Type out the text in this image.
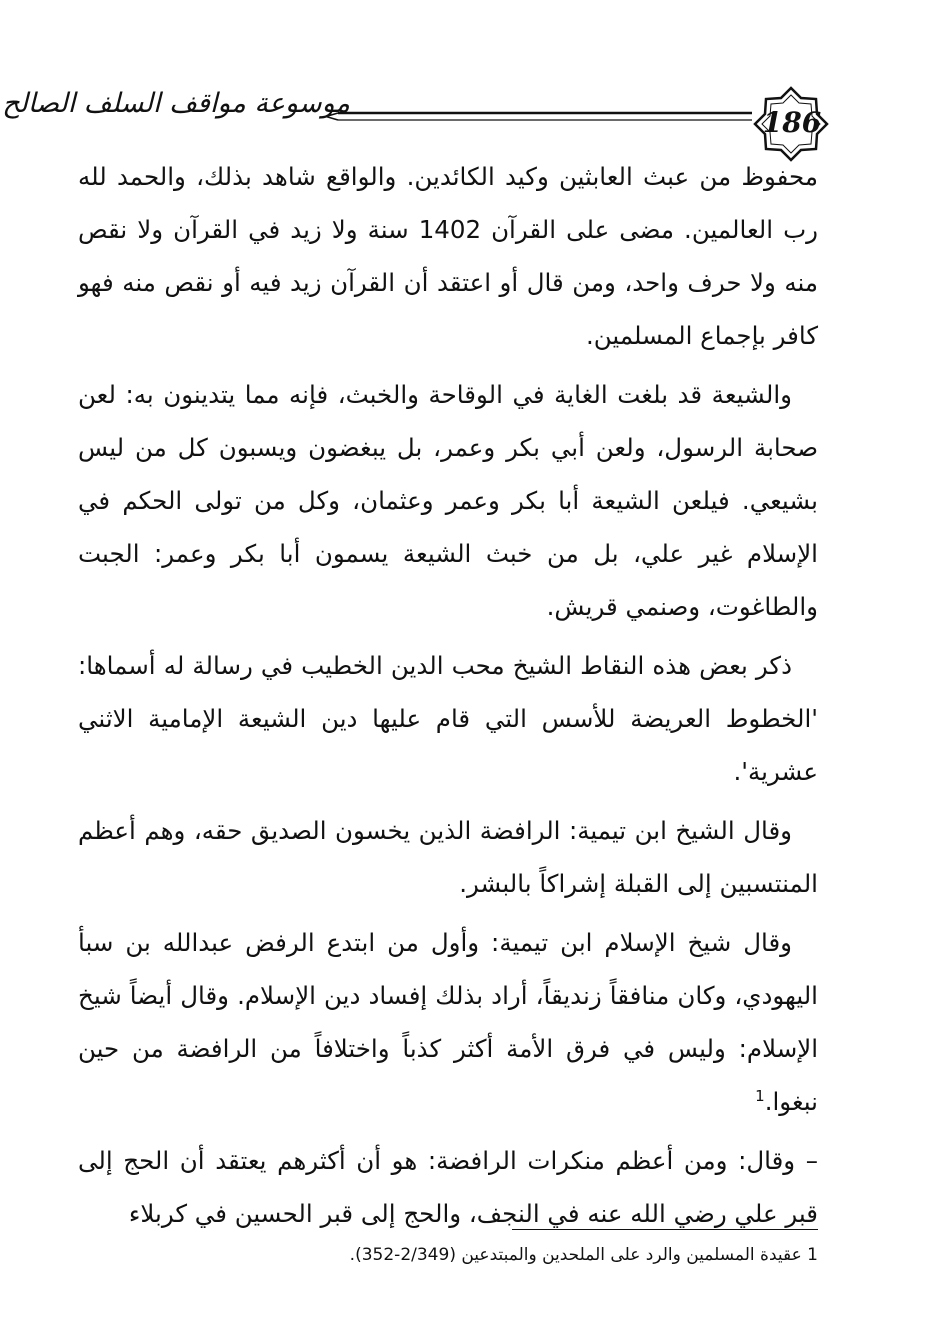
موسوعة مواقف السلف الصالح
186

محفوظ من عبث العابثين وكيد الكائدين. والواقع شاهد بذلك، والحمد لله رب العالمين. مضى على القرآن 1402 سنة ولا زيد في القرآن ولا نقص منه ولا حرف واحد، ومن قال أو اعتقد أن القرآن زيد فيه أو نقص منه فهو كافر بإجماع المسلمين.

والشيعة قد بلغت الغاية في الوقاحة والخبث، فإنه مما يتدينون به: لعن صحابة الرسول، ولعن أبي بكر وعمر، بل يبغضون ويسبون كل من ليس بشيعي. فيلعن الشيعة أبا بكر وعمر وعثمان، وكل من تولى الحكم في الإسلام غير علي، بل من خبث الشيعة يسمون أبا بكر وعمر: الجبت والطاغوت، وصنمي قريش.

ذكر بعض هذه النقاط الشيخ محب الدين الخطيب في رسالة له أسماها: 'الخطوط العريضة للأسس التي قام عليها دين الشيعة الإمامية الاثني عشرية'.

وقال الشيخ ابن تيمية: الرافضة الذين يخسون الصديق حقه، وهم أعظم المنتسبين إلى القبلة إشراكاً بالبشر.

وقال شيخ الإسلام ابن تيمية: وأول من ابتدع الرفض عبدالله بن سبأ اليهودي، وكان منافقاً زنديقاً، أراد بذلك إفساد دين الإسلام. وقال أيضاً شيخ الإسلام: وليس في فرق الأمة أكثر كذباً واختلافاً من الرافضة من حين نبغوا.$^1$

– وقال: ومن أعظم منكرات الرافضة: هو أن أكثرهم يعتقد أن الحج إلى قبر علي رضي الله عنه في النجف، والحج إلى قبر الحسين في كربلاء

1 عقيدة المسلمين والرد على الملحدين والمبتدعين (2/349-352).
